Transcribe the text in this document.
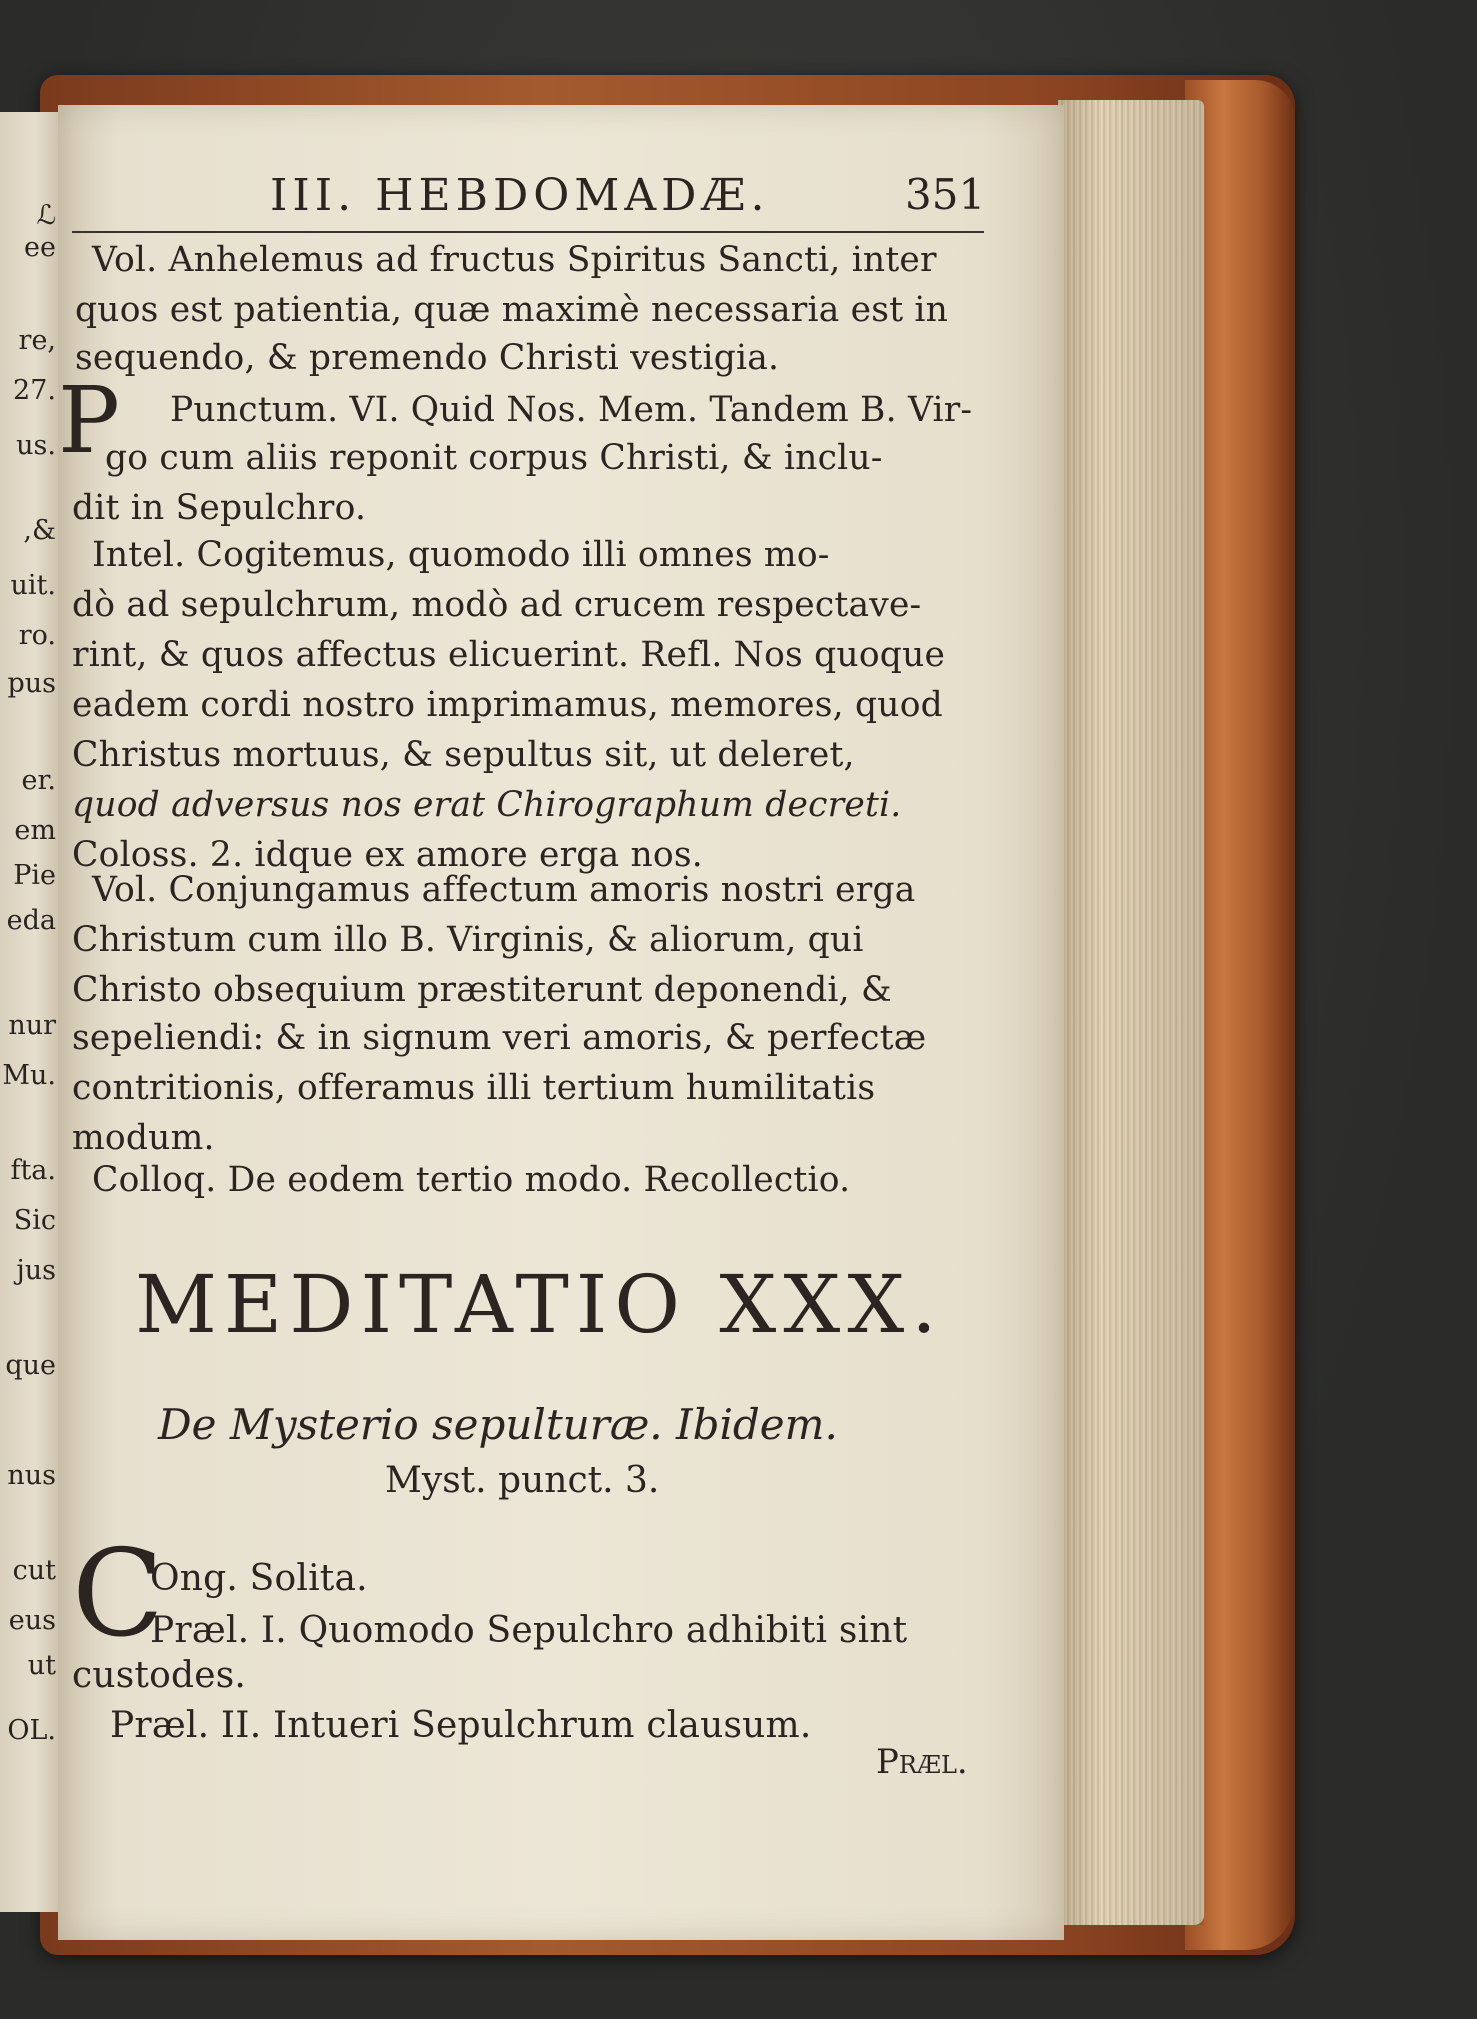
ℒ
ee
re,
27.
us.
,&
uit.
ro.
pus
er.
em
Pie
eda
nur
Mu.
fta.
Sic
jus
que
nus
cut
eus
ut
OL.
III. HEBDOMADÆ.	351
Vol. Anhelemus ad fructus Spiritus Sancti, inter
quos est patientia, quæ maximè necessaria est in
sequendo, & premendo Christi vestigia.
Punctum. VI. Quid Nos. Mem. Tandem B. Vir-
go cum aliis reponit corpus Christi, & inclu-
dit in Sepulchro.
Intel. Cogitemus, quomodo illi omnes mo-
dò ad sepulchrum, modò ad crucem respectave-
rint, & quos affectus elicuerint. Refl. Nos quoque
eadem cordi nostro imprimamus, memores, quod
Christus mortuus, & sepultus sit, ut deleret,
quod adversus nos erat Chirographum decreti.
Coloss. 2. idque ex amore erga nos.
Vol. Conjungamus affectum amoris nostri erga
Christum cum illo B. Virginis, & aliorum, qui
Christo obsequium præstiterunt deponendi, &
sepeliendi: & in signum veri amoris, & perfectæ
contritionis, offeramus illi tertium humilitatis
modum.
Colloq. De eodem tertio modo. Recollectio.
P
MEDITATIO XXX.
De Mysterio sepulturæ. Ibidem.
Myst. punct. 3.
C
Ong. Solita.
Præl. I. Quomodo Sepulchro adhibiti sint
custodes.
Præl. II. Intueri Sepulchrum clausum.
Præl.
